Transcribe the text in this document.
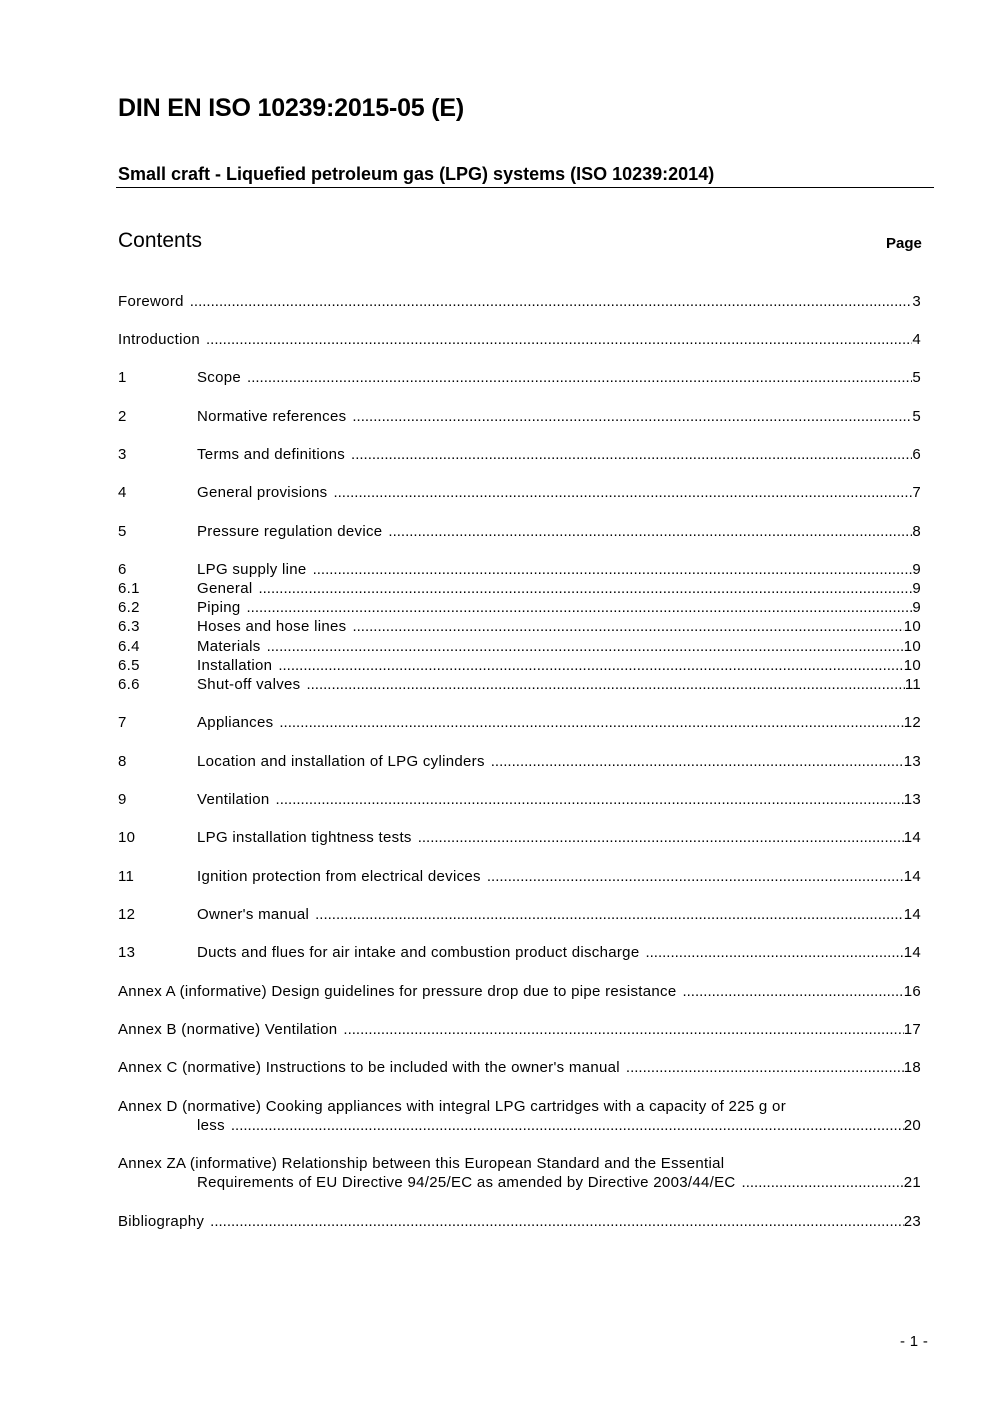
DIN EN ISO 10239:2015-05 (E)
Small craft - Liquefied petroleum gas (LPG) systems (ISO 10239:2014)
Contents	Page
Foreword .....	3
Introduction .....	4
1	Scope .....	5
2	Normative references .....	5
3	Terms and definitions .....	6
4	General provisions .....	7
5	Pressure regulation device .....	8
6	LPG supply line .....	9
6.1	General .....	9
6.2	Piping .....	9
6.3	Hoses and hose lines .....	10
6.4	Materials .....	10
6.5	Installation .....	10
6.6	Shut-off valves .....	11
7	Appliances .....	12
8	Location and installation of LPG cylinders .....	13
9	Ventilation .....	13
10	LPG installation tightness tests .....	14
11	Ignition protection from electrical devices .....	14
12	Owner's manual .....	14
13	Ducts and flues for air intake and combustion product discharge .....	14
Annex A (informative) Design guidelines for pressure drop due to pipe resistance .....	16
Annex B (normative) Ventilation .....	17
Annex C (normative) Instructions to be included with the owner's manual .....	18
Annex D (normative) Cooking appliances with integral LPG cartridges with a capacity of 225 g or
less .....	20
Annex ZA (informative) Relationship between this European Standard and the Essential
Requirements of EU Directive 94/25/EC as amended by Directive 2003/44/EC .....	21
Bibliography .....	23
- 1 -
